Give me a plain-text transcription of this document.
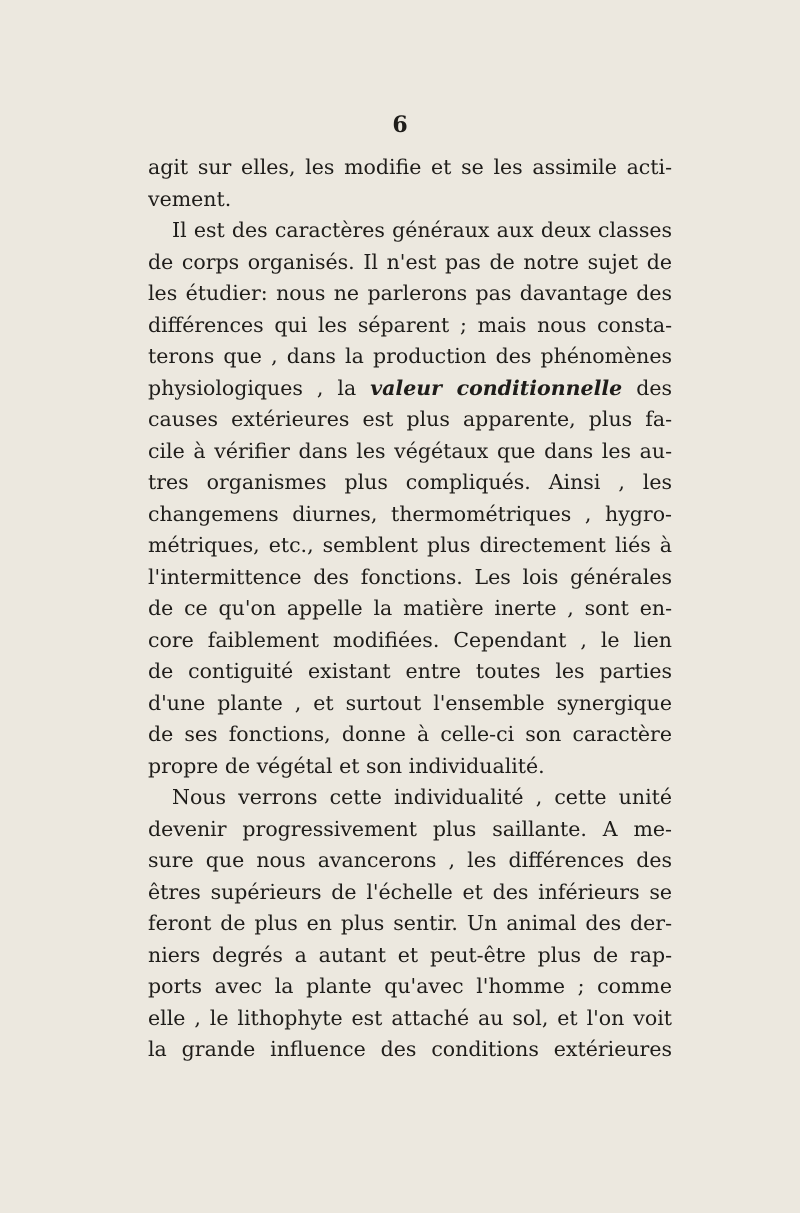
6
agit sur elles, les modifie et se les assimile acti-
vement.
Il est des caractères généraux aux deux classes
de corps organisés. Il n'est pas de notre sujet de
les étudier: nous ne parlerons pas davantage des
différences qui les séparent ; mais nous consta-
terons que , dans la production des phénomènes
physiologiques , la valeur conditionnelle des
causes extérieures est plus apparente, plus fa-
cile à vérifier dans les végétaux que dans les au-
tres organismes plus compliqués. Ainsi , les
changemens diurnes, thermométriques , hygro-
métriques, etc., semblent plus directement liés à
l'intermittence des fonctions. Les lois générales
de ce qu'on appelle la matière inerte , sont en-
core faiblement modifiées. Cependant , le lien
de contiguité existant entre toutes les parties
d'une plante , et surtout l'ensemble synergique
de ses fonctions, donne à celle-ci son caractère
propre de végétal et son individualité.
Nous verrons cette individualité , cette unité
devenir progressivement plus saillante. A me-
sure que nous avancerons , les différences des
êtres supérieurs de l'échelle et des inférieurs se
feront de plus en plus sentir. Un animal des der-
niers degrés a autant et peut-être plus de rap-
ports avec la plante qu'avec l'homme ; comme
elle , le lithophyte est attaché au sol, et l'on voit
la grande influence des conditions extérieures
